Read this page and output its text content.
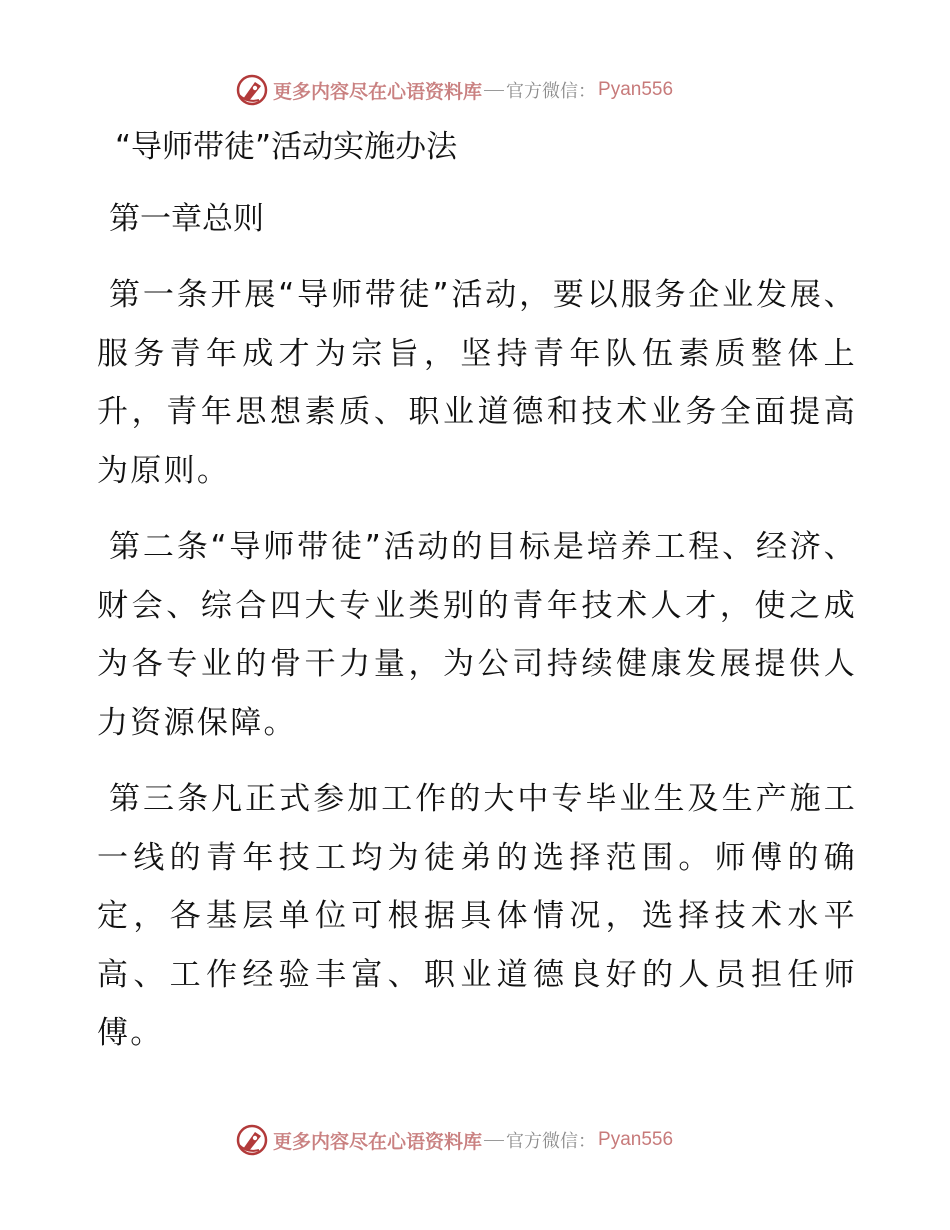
更多内容尽在心语资料库 官方微信： Pyan556
“导师带徒”活动实施办法

第一章总则

第一条开展“导师带徒”活动，要以服务企业发展、服务青年成才为宗旨，坚持青年队伍素质整体上升，青年思想素质、职业道德和技术业务全面提高为原则。

第二条“导师带徒”活动的目标是培养工程、经济、财会、综合四大专业类别的青年技术人才，使之成为各专业的骨干力量，为公司持续健康发展提供人力资源保障。

第三条凡正式参加工作的大中专毕业生及生产施工一线的青年技工均为徒弟的选择范围。师傅的确定，各基层单位可根据具体情况，选择技术水平高、工作经验丰富、职业道德良好的人员担任师傅。

更多内容尽在心语资料库 官方微信： Pyan556
